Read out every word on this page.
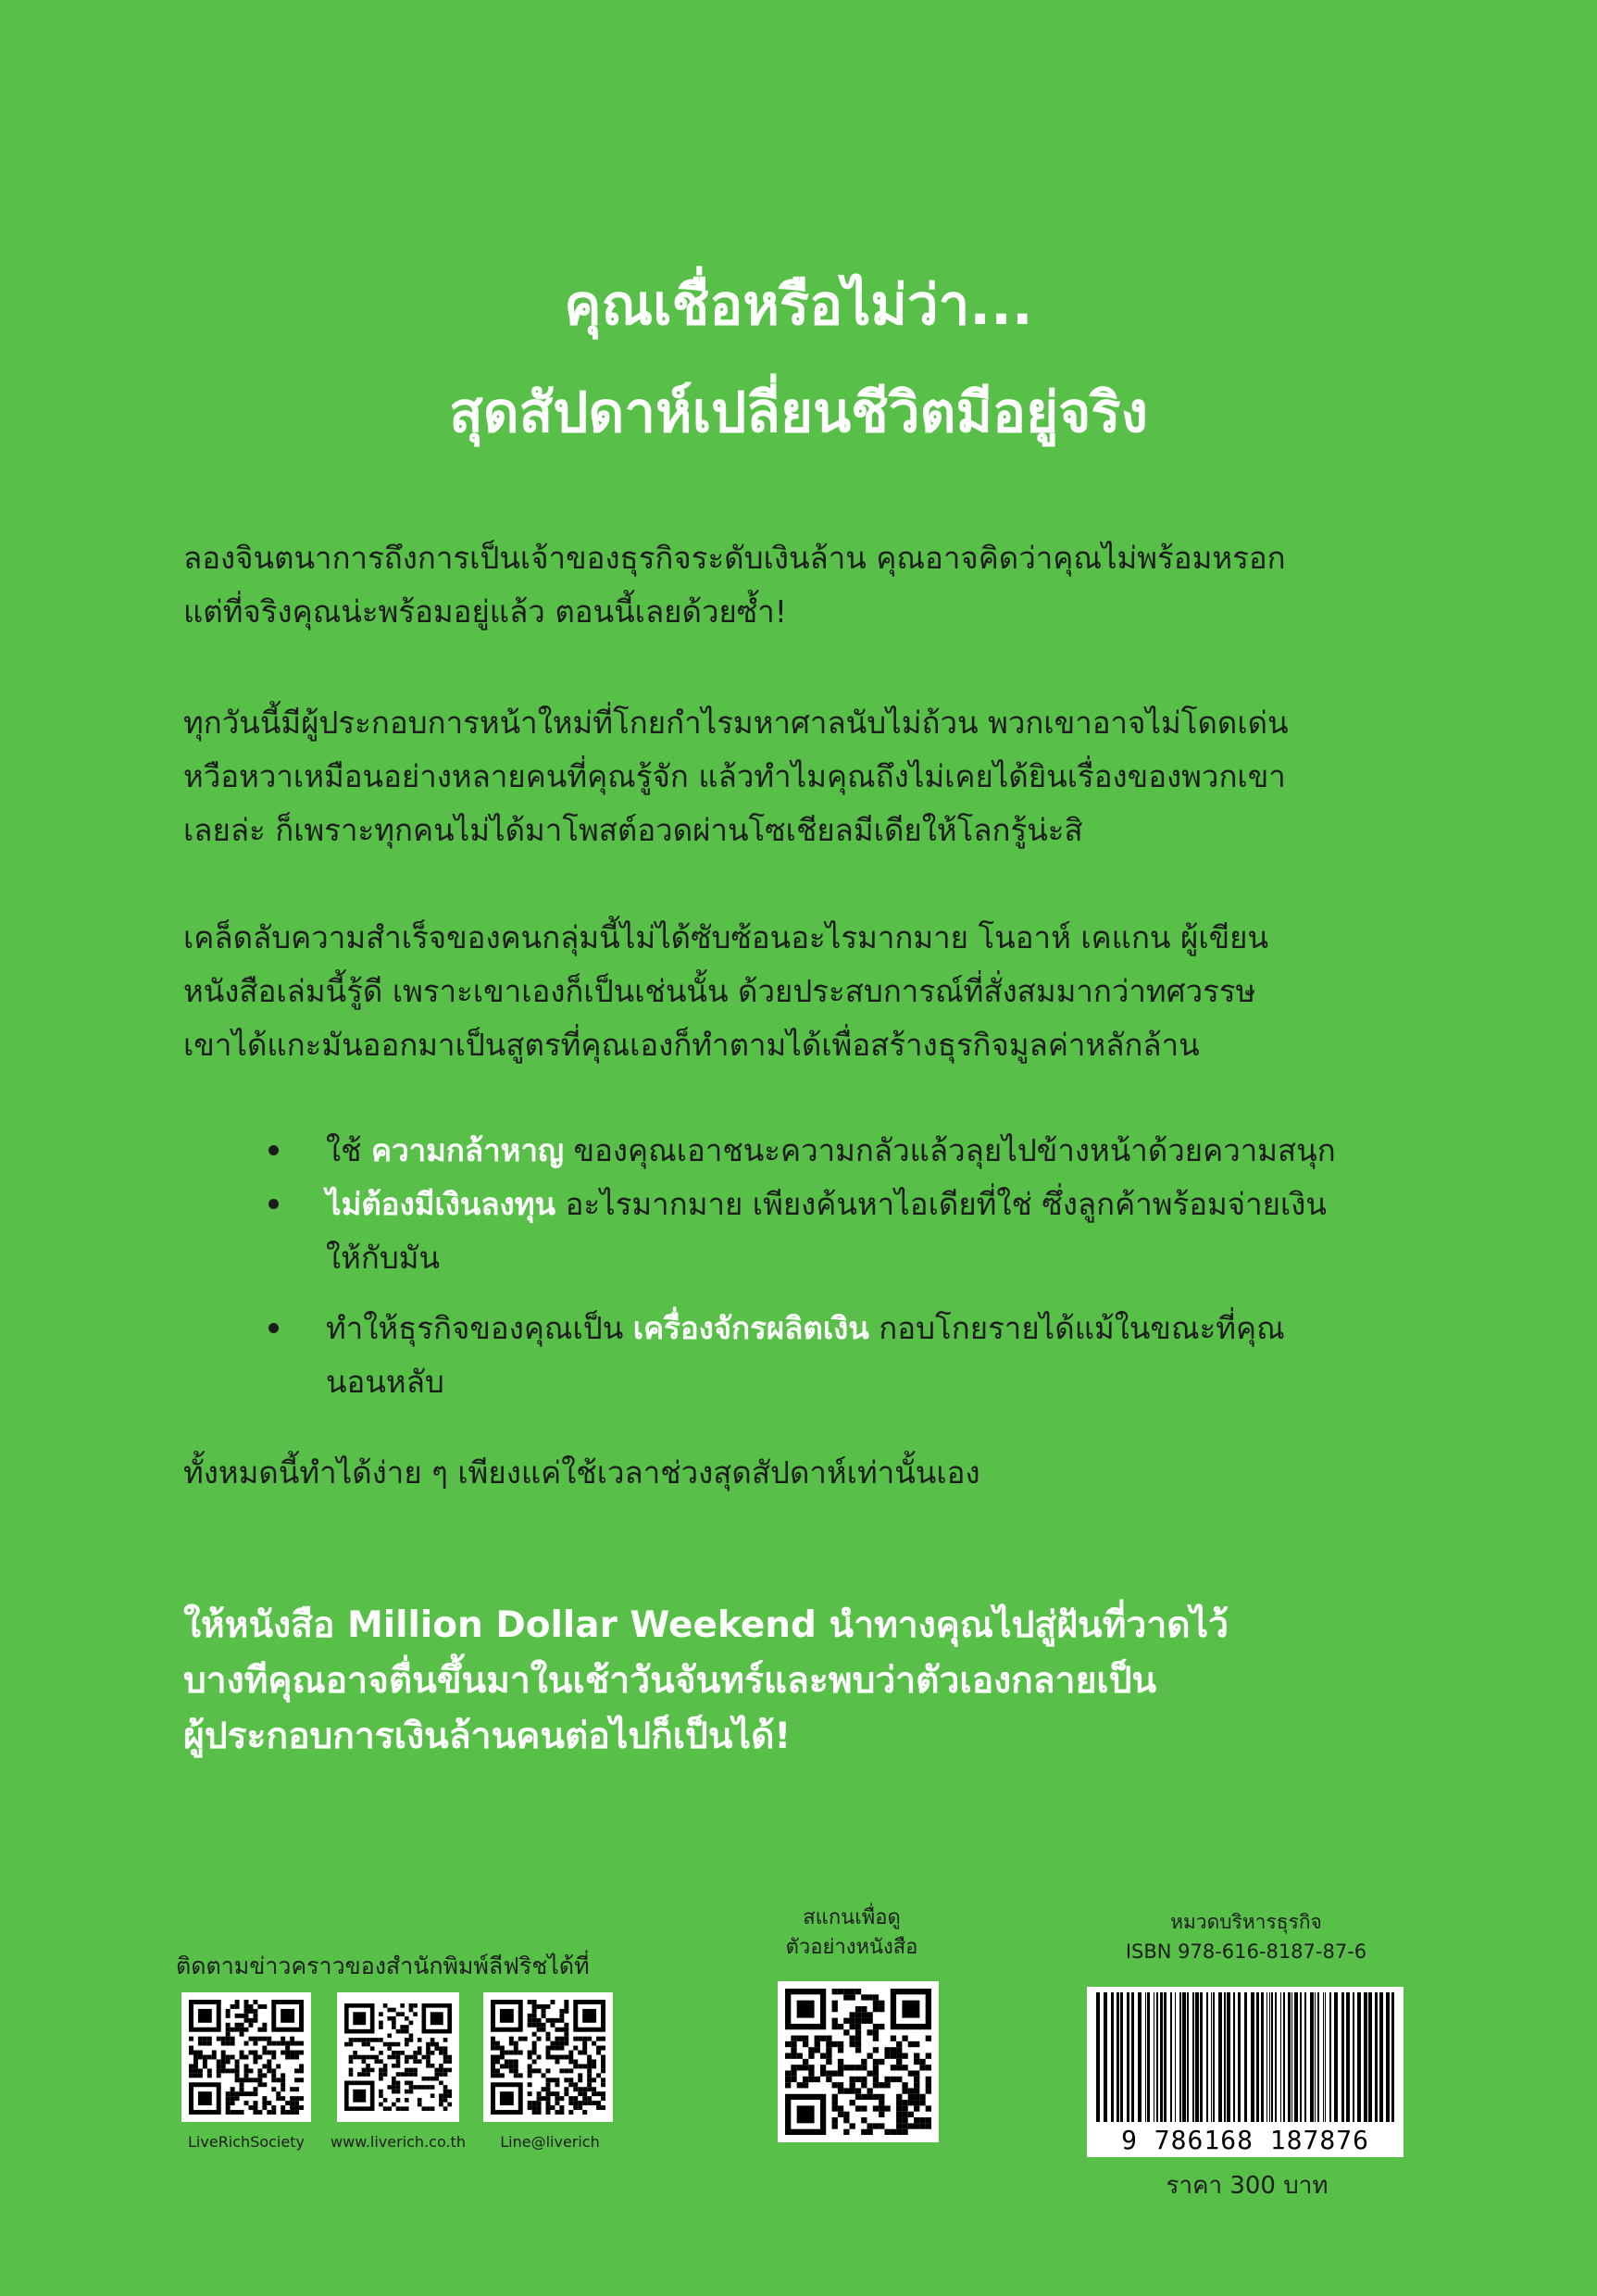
คุณเชื่อหรือไม่ว่า...
สุดสัปดาห์เปลี่ยนชีวิตมีอยู่จริง

ลองจินตนาการถึงการเป็นเจ้าของธุรกิจระดับเงินล้าน คุณอาจคิดว่าคุณไม่พร้อมหรอก

แต่ที่จริงคุณน่ะพร้อมอยู่แล้ว ตอนนี้เลยด้วยซ้ำ!

ทุกวันนี้มีผู้ประกอบการหน้าใหม่ที่โกยกำไรมหาศาลนับไม่ถ้วน พวกเขาอาจไม่โดดเด่น

หวือหวาเหมือนอย่างหลายคนที่คุณรู้จัก แล้วทำไมคุณถึงไม่เคยได้ยินเรื่องของพวกเขา

เลยล่ะ ก็เพราะทุกคนไม่ได้มาโพสต์อวดผ่านโซเชียลมีเดียให้โลกรู้น่ะสิ

เคล็ดลับความสำเร็จของคนกลุ่มนี้ไม่ได้ซับซ้อนอะไรมากมาย โนอาห์ เคแกน ผู้เขียน

หนังสือเล่มนี้รู้ดี เพราะเขาเองก็เป็นเช่นนั้น ด้วยประสบการณ์ที่สั่งสมมากว่าทศวรรษ

เขาได้แกะมันออกมาเป็นสูตรที่คุณเองก็ทำตามได้เพื่อสร้างธุรกิจมูลค่าหลักล้าน

ใช้ ความกล้าหาญ ของคุณเอาชนะความกลัวแล้วลุยไปข้างหน้าด้วยความสนุก
ไม่ต้องมีเงินลงทุน อะไรมากมาย เพียงค้นหาไอเดียที่ใช่ ซึ่งลูกค้าพร้อมจ่ายเงิน
ให้กับมัน
ทำให้ธุรกิจของคุณเป็น เครื่องจักรผลิตเงิน กอบโกยรายได้แม้ในขณะที่คุณ
นอนหลับ

ทั้งหมดนี้ทำได้ง่าย ๆ เพียงแค่ใช้เวลาช่วงสุดสัปดาห์เท่านั้นเอง

ให้หนังสือ Million Dollar Weekend นำทางคุณไปสู่ฝันที่วาดไว้
บางทีคุณอาจตื่นขึ้นมาในเช้าวันจันทร์และพบว่าตัวเองกลายเป็น
ผู้ประกอบการเงินล้านคนต่อไปก็เป็นได้!
ติดตามข่าวคราวของสำนักพิมพ์ลีฟริชได้ที่
LiveRichSociety	www.liverich.co.th	Line@liverich
สแกนเพื่อดู
ตัวอย่างหนังสือ
หมวดบริหารธุรกิจ
ISBN 978-616-8187-87-6
9 786168 187876
ราคา 300 บาท
